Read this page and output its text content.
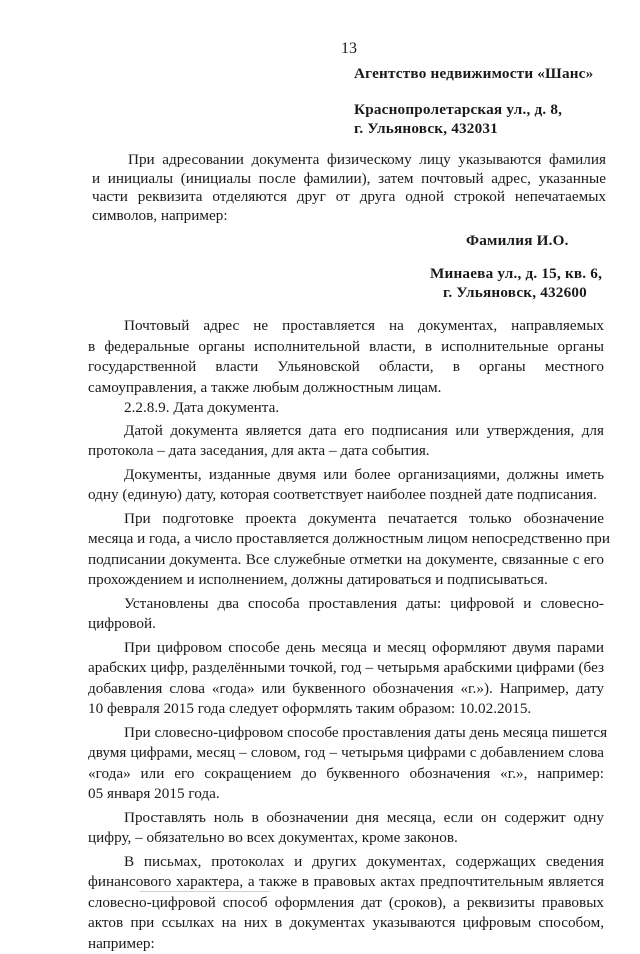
13
Агентство недвижимости «Шанс»
Краснопролетарская ул., д. 8,
г. Ульяновск, 432031
При адресовании документа физическому лицу указываются фамилия
и инициалы (инициалы после фамилии), затем почтовый адрес, указанные
части реквизита отделяются друг от друга одной строкой непечатаемых
символов, например:
Фамилия И.О.
Минаева ул., д. 15, кв. 6,
г. Ульяновск, 432600
Почтовый адрес не проставляется на документах, направляемых
в федеральные органы исполнительной власти, в исполнительные органы
государственной власти Ульяновской области, в органы местного
самоуправления, а также любым должностным лицам.
2.2.8.9. Дата документа.
Датой документа является дата его подписания или утверждения, для
протокола – дата заседания, для акта – дата события.
Документы, изданные двумя или более организациями, должны иметь
одну (единую) дату, которая соответствует наиболее поздней дате подписания.
При подготовке проекта документа печатается только обозначение
месяца и года, а число проставляется должностным лицом непосредственно при
подписании документа. Все служебные отметки на документе, связанные с его
прохождением и исполнением, должны датироваться и подписываться.
Установлены два способа проставления даты: цифровой и словесно-
цифровой.
При цифровом способе день месяца и месяц оформляют двумя парами
арабских цифр, разделёнными точкой, год – четырьмя арабскими цифрами (без
добавления слова «года» или буквенного обозначения «г.»). Например, дату
10 февраля 2015 года следует оформлять таким образом: 10.02.2015.
При словесно-цифровом способе проставления даты день месяца пишется
двумя цифрами, месяц – словом, год – четырьмя цифрами с добавлением слова
«года» или его сокращением до буквенного обозначения «г.», например:
05 января 2015 года.
Проставлять ноль в обозначении дня месяца, если он содержит одну
цифру, – обязательно во всех документах, кроме законов.
В письмах, протоколах и других документах, содержащих сведения
финансового характера, а также в правовых актах предпочтительным является
словесно-цифровой способ оформления дат (сроков), а реквизиты правовых
актов при ссылках на них в документах указываются цифровым способом,
например:
